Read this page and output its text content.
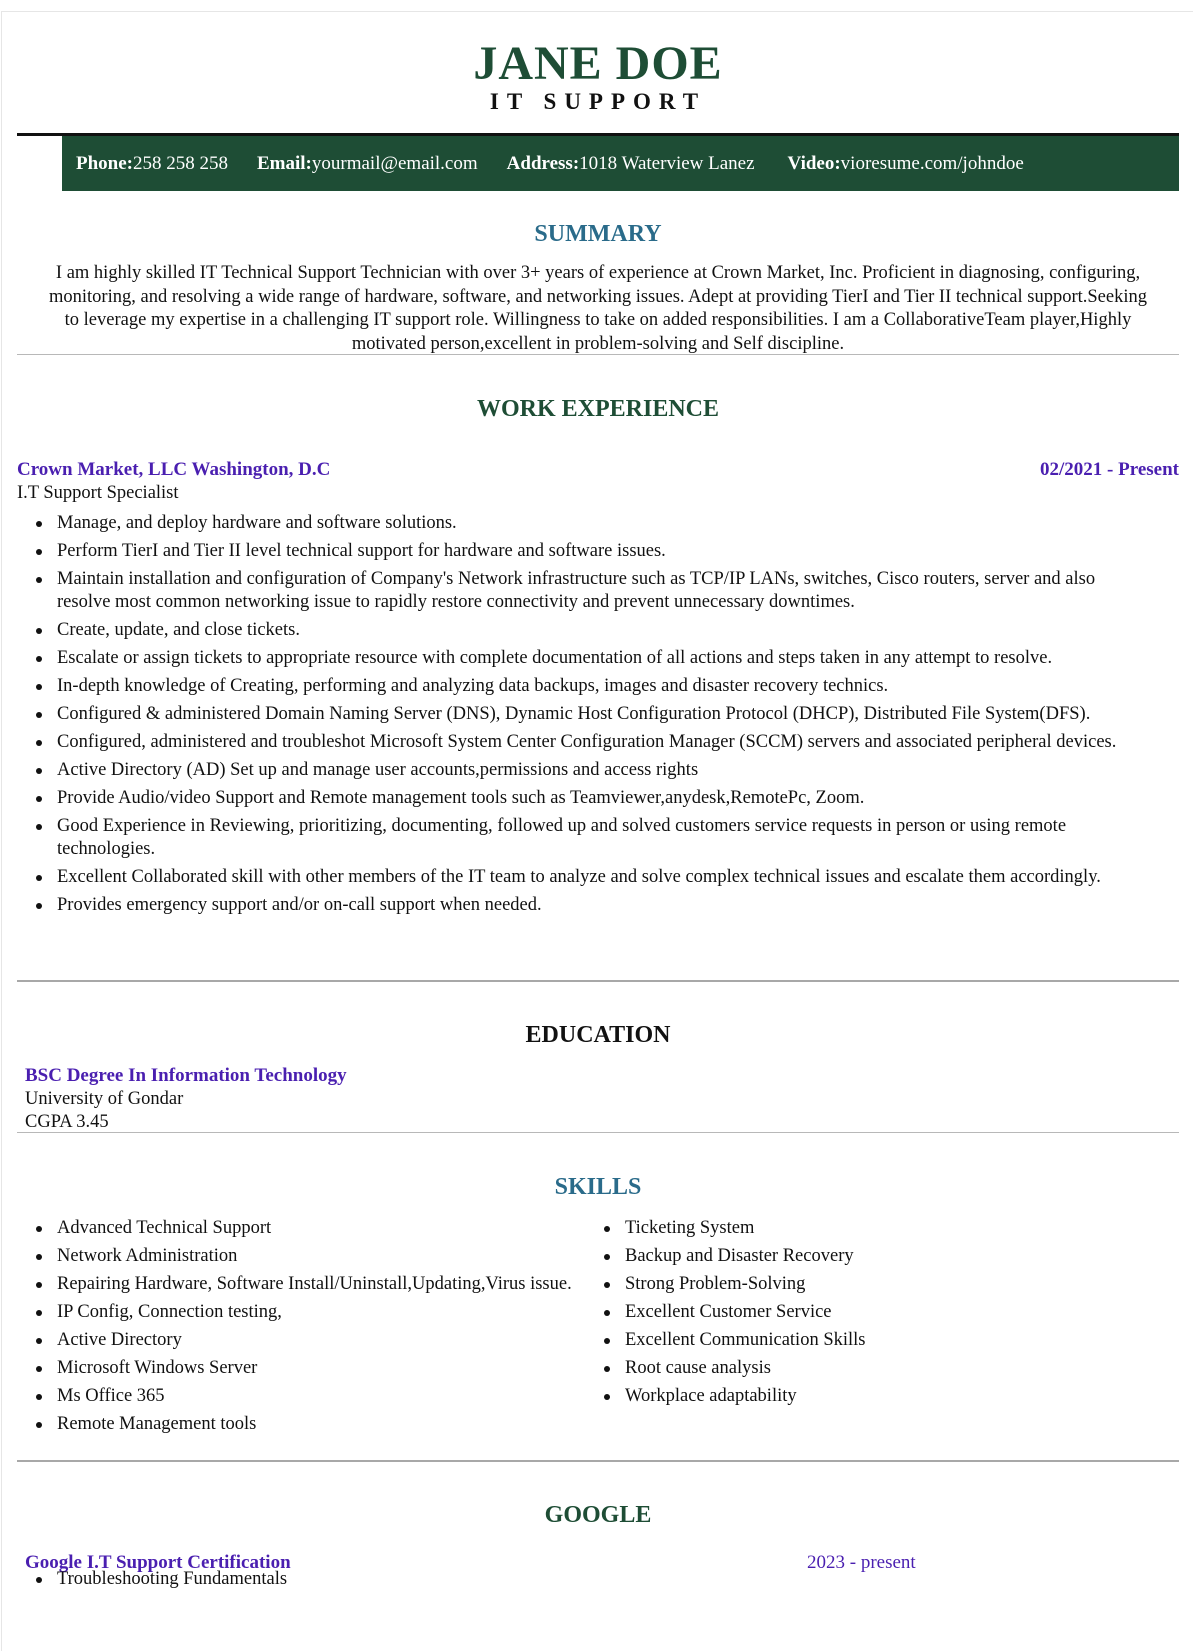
JANE DOE
IT SUPPORT
Phone:258 258 258 Email:yourmail@email.com Address:1018 Waterview Lanez Video:vioresume.com/johndoe
SUMMARY
I am highly skilled IT Technical Support Technician with over 3+ years of experience at Crown Market, Inc. Proficient in diagnosing, configuring, monitoring, and resolving a wide range of hardware, software, and networking issues. Adept at providing TierI and Tier II technical support.Seeking to leverage my expertise in a challenging IT support role. Willingness to take on added responsibilities. I am a CollaborativeTeam player,Highly motivated person,excellent in problem-solving and Self discipline.
WORK EXPERIENCE
Crown Market, LLC Washington, D.C	02/2021 - Present
I.T Support Specialist
Manage, and deploy hardware and software solutions.
Perform TierI and Tier II level technical support for hardware and software issues.
Maintain installation and configuration of Company's Network infrastructure such as TCP/IP LANs, switches, Cisco routers, server and also resolve most common networking issue to rapidly restore connectivity and prevent unnecessary downtimes.
Create, update, and close tickets.
Escalate or assign tickets to appropriate resource with complete documentation of all actions and steps taken in any attempt to resolve.
In-depth knowledge of Creating, performing and analyzing data backups, images and disaster recovery technics.
Configured & administered Domain Naming Server (DNS), Dynamic Host Configuration Protocol (DHCP), Distributed File System(DFS).
Configured, administered and troubleshot Microsoft System Center Configuration Manager (SCCM) servers and associated peripheral devices.
Active Directory (AD) Set up and manage user accounts,permissions and access rights
Provide Audio/video Support and Remote management tools such as Teamviewer,anydesk,RemotePc, Zoom.
Good Experience in Reviewing, prioritizing, documenting, followed up and solved customers service requests in person or using remote technologies.
Excellent Collaborated skill with other members of the IT team to analyze and solve complex technical issues and escalate them accordingly.
Provides emergency support and/or on-call support when needed.
EDUCATION
BSC Degree In Information Technology
University of Gondar
CGPA 3.45
SKILLS
Advanced Technical Support
Network Administration
Repairing Hardware, Software Install/Uninstall,Updating,Virus issue.
IP Config, Connection testing,
Active Directory
Microsoft Windows Server
Ms Office 365
Remote Management tools
Ticketing System
Backup and Disaster Recovery
Strong Problem-Solving
Excellent Customer Service
Excellent Communication Skills
Root cause analysis
Workplace adaptability
GOOGLE
Google I.T Support Certification	2023 - present
Troubleshooting Fundamentals
